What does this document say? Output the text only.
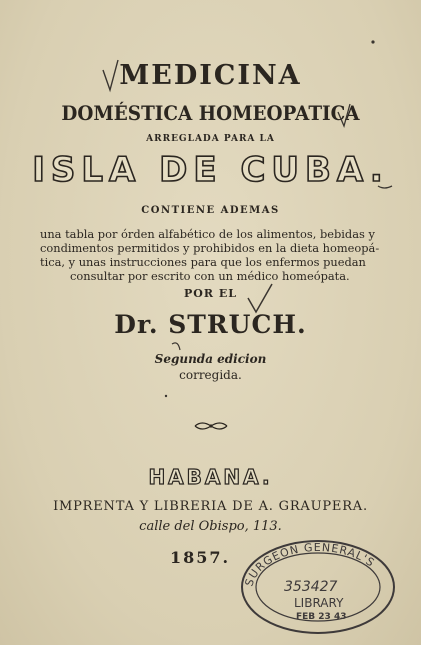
MEDICINA
DOMÉSTICA HOMEOPATICA
ARREGLADA PARA LA
ISLA DE CUBA.
CONTIENE ADEMAS
una tabla por órden alfabético de los alimentos, bebidas y
condimentos permitidos y prohibidos en la dieta homeopá-
tica, y unas instrucciones para que los enfermos puedan
consultar por escrito con un médico homeópata.
POR EL
Dr. STRUCH.
Segunda edicion
corregida.
HABANA.
IMPRENTA Y LIBRERIA DE A. GRAUPERA.
calle del Obispo, 113.
1857.
SURGEON GENERAL'S
353427
LIBRARY
FEB 23 43
